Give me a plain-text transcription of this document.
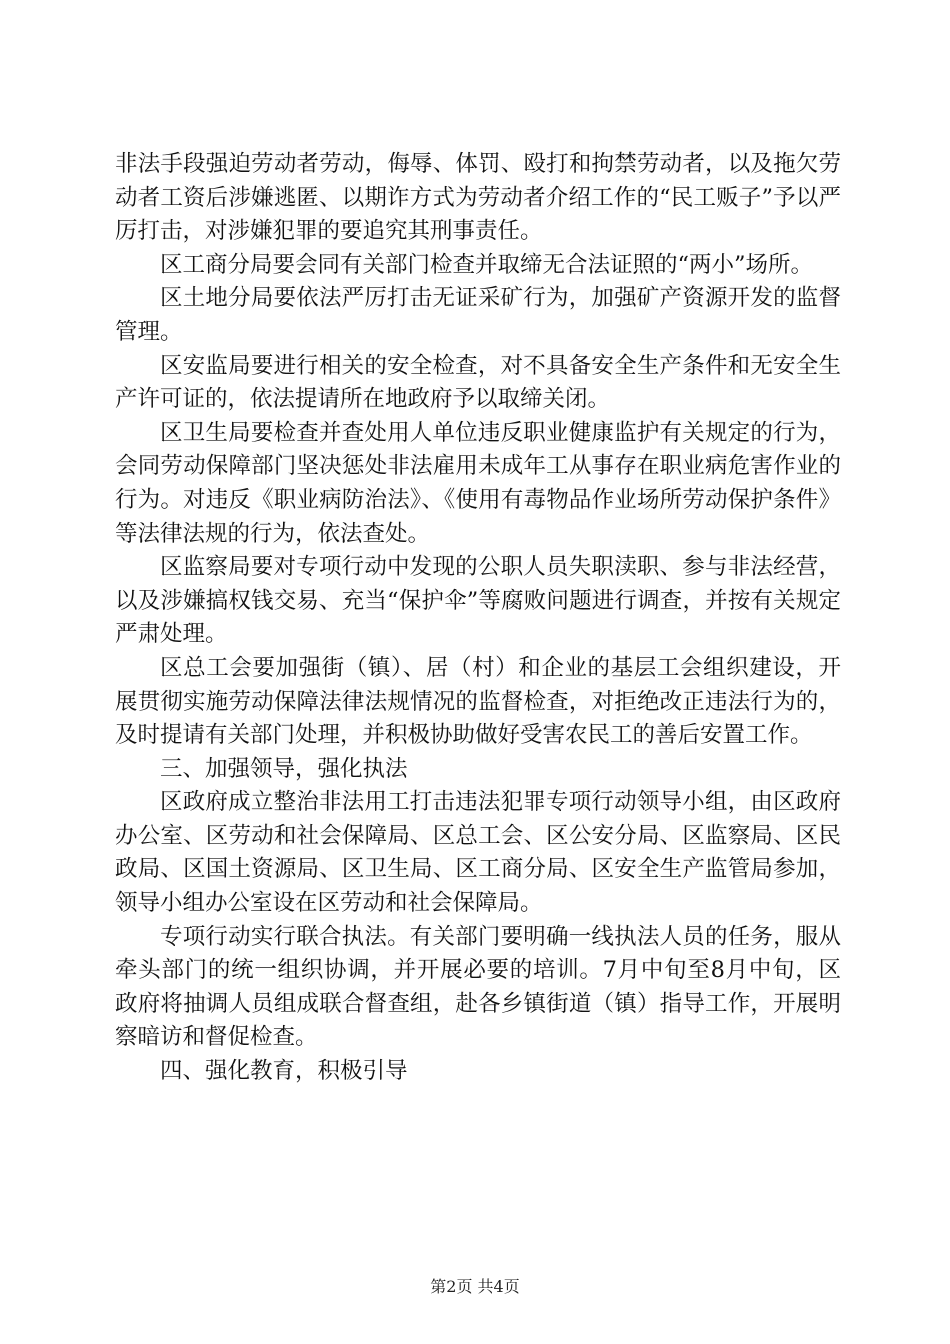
非法手段强迫劳动者劳动，侮辱、体罚、殴打和拘禁劳动者，以及拖欠劳动者工资后涉嫌逃匿、以期诈方式为劳动者介绍工作的“民工贩子”予以严厉打击，对涉嫌犯罪的要追究其刑事责任。

区工商分局要会同有关部门检查并取缔无合法证照的“两小”场所。

区土地分局要依法严厉打击无证采矿行为，加强矿产资源开发的监督管理。

区安监局要进行相关的安全检查，对不具备安全生产条件和无安全生产许可证的，依法提请所在地政府予以取缔关闭。

区卫生局要检查并查处用人单位违反职业健康监护有关规定的行为，会同劳动保障部门坚决惩处非法雇用未成年工从事存在职业病危害作业的行为。对违反《职业病防治法》、《使用有毒物品作业场所劳动保护条件》等法律法规的行为，依法查处。

区监察局要对专项行动中发现的公职人员失职渎职、参与非法经营，以及涉嫌搞权钱交易、充当“保护伞”等腐败问题进行调查，并按有关规定严肃处理。

区总工会要加强街（镇）、居（村）和企业的基层工会组织建设，开展贯彻实施劳动保障法律法规情况的监督检查，对拒绝改正违法行为的，及时提请有关部门处理，并积极协助做好受害农民工的善后安置工作。

三、加强领导，强化执法

区政府成立整治非法用工打击违法犯罪专项行动领导小组，由区政府办公室、区劳动和社会保障局、区总工会、区公安分局、区监察局、区民政局、区国土资源局、区卫生局、区工商分局、区安全生产监管局参加，领导小组办公室设在区劳动和社会保障局。

专项行动实行联合执法。有关部门要明确一线执法人员的任务，服从牵头部门的统一组织协调，并开展必要的培训。7月中旬至8月中旬，区政府将抽调人员组成联合督查组，赴各乡镇街道（镇）指导工作，开展明察暗访和督促检查。

四、强化教育，积极引导

第2页 共4页
